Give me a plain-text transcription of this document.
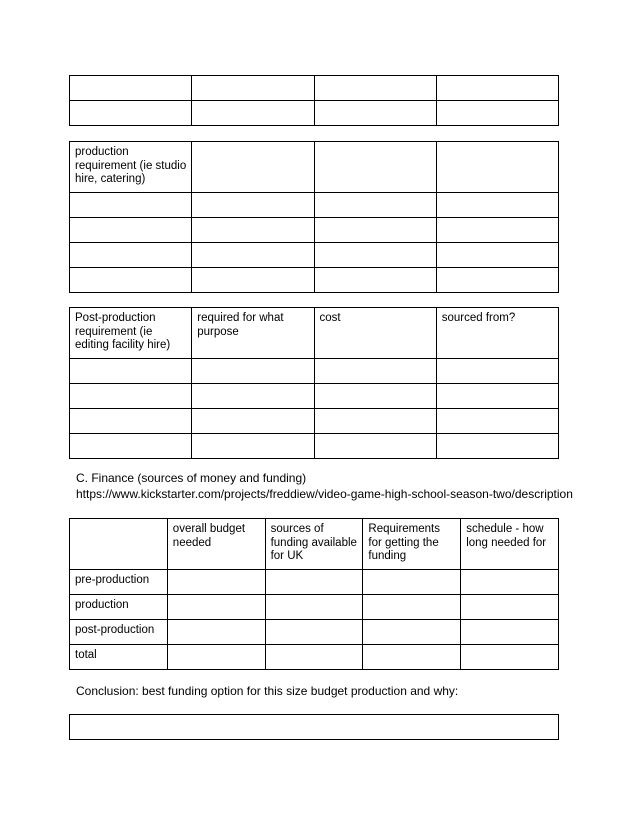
production requirement (ie studio hire, catering)			

Post-production requirement (ie editing facility hire)	required for what purpose	cost	sourced from?

C. Finance (sources of money and funding)
https://www.kickstarter.com/projects/freddiew/video-game-high-school-season-two/description
	overall budget needed	sources of funding available for UK	Requirements for getting the funding	schedule - how long needed for
pre-production				
production				
post-production				
total				
Conclusion: best funding option for this size budget production and why:
